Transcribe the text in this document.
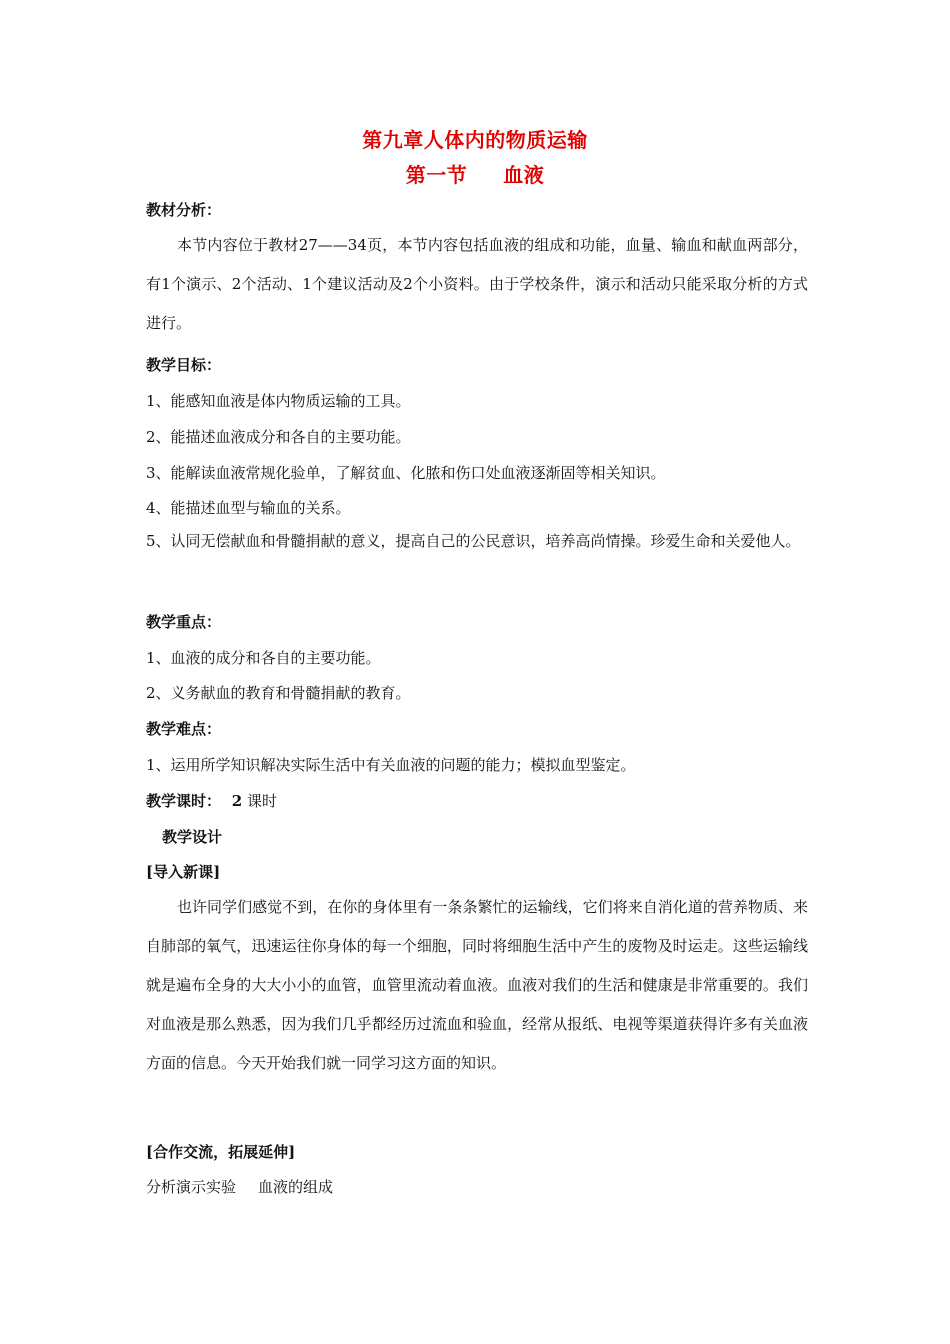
第九章人体内的物质运输
第一节 血液
教材分析：

本节内容位于教材27——34页，本节内容包括血液的组成和功能，血量、输血和献血两部分，有1个演示、2个活动、1个建议活动及2个小资料。由于学校条件，演示和活动只能采取分析的方式进行。

教学目标：
1、能感知血液是体内物质运输的工具。
2、能描述血液成分和各自的主要功能。
3、能解读血液常规化验单，了解贫血、化脓和伤口处血液逐渐固等相关知识。
4、能描述血型与输血的关系。

5、认同无偿献血和骨髓捐献的意义，提高自己的公民意识，培养高尚情操。珍爱生命和关爱他人。

教学重点：
1、血液的成分和各自的主要功能。
2、义务献血的教育和骨髓捐献的教育。
教学难点：
1、运用所学知识解决实际生活中有关血液的问题的能力；模拟血型鉴定。
教学课时： 2 课时
教学设计
[导入新课]

也许同学们感觉不到，在你的身体里有一条条繁忙的运输线，它们将来自消化道的营养物质、来自肺部的氧气，迅速运往你身体的每一个细胞，同时将细胞生活中产生的废物及时运走。这些运输线就是遍布全身的大大小小的血管，血管里流动着血液。血液对我们的生活和健康是非常重要的。我们对血液是那么熟悉，因为我们几乎都经历过流血和验血，经常从报纸、电视等渠道获得许多有关血液方面的信息。今天开始我们就一同学习这方面的知识。

[合作交流，拓展延伸]
分析演示实验 血液的组成
